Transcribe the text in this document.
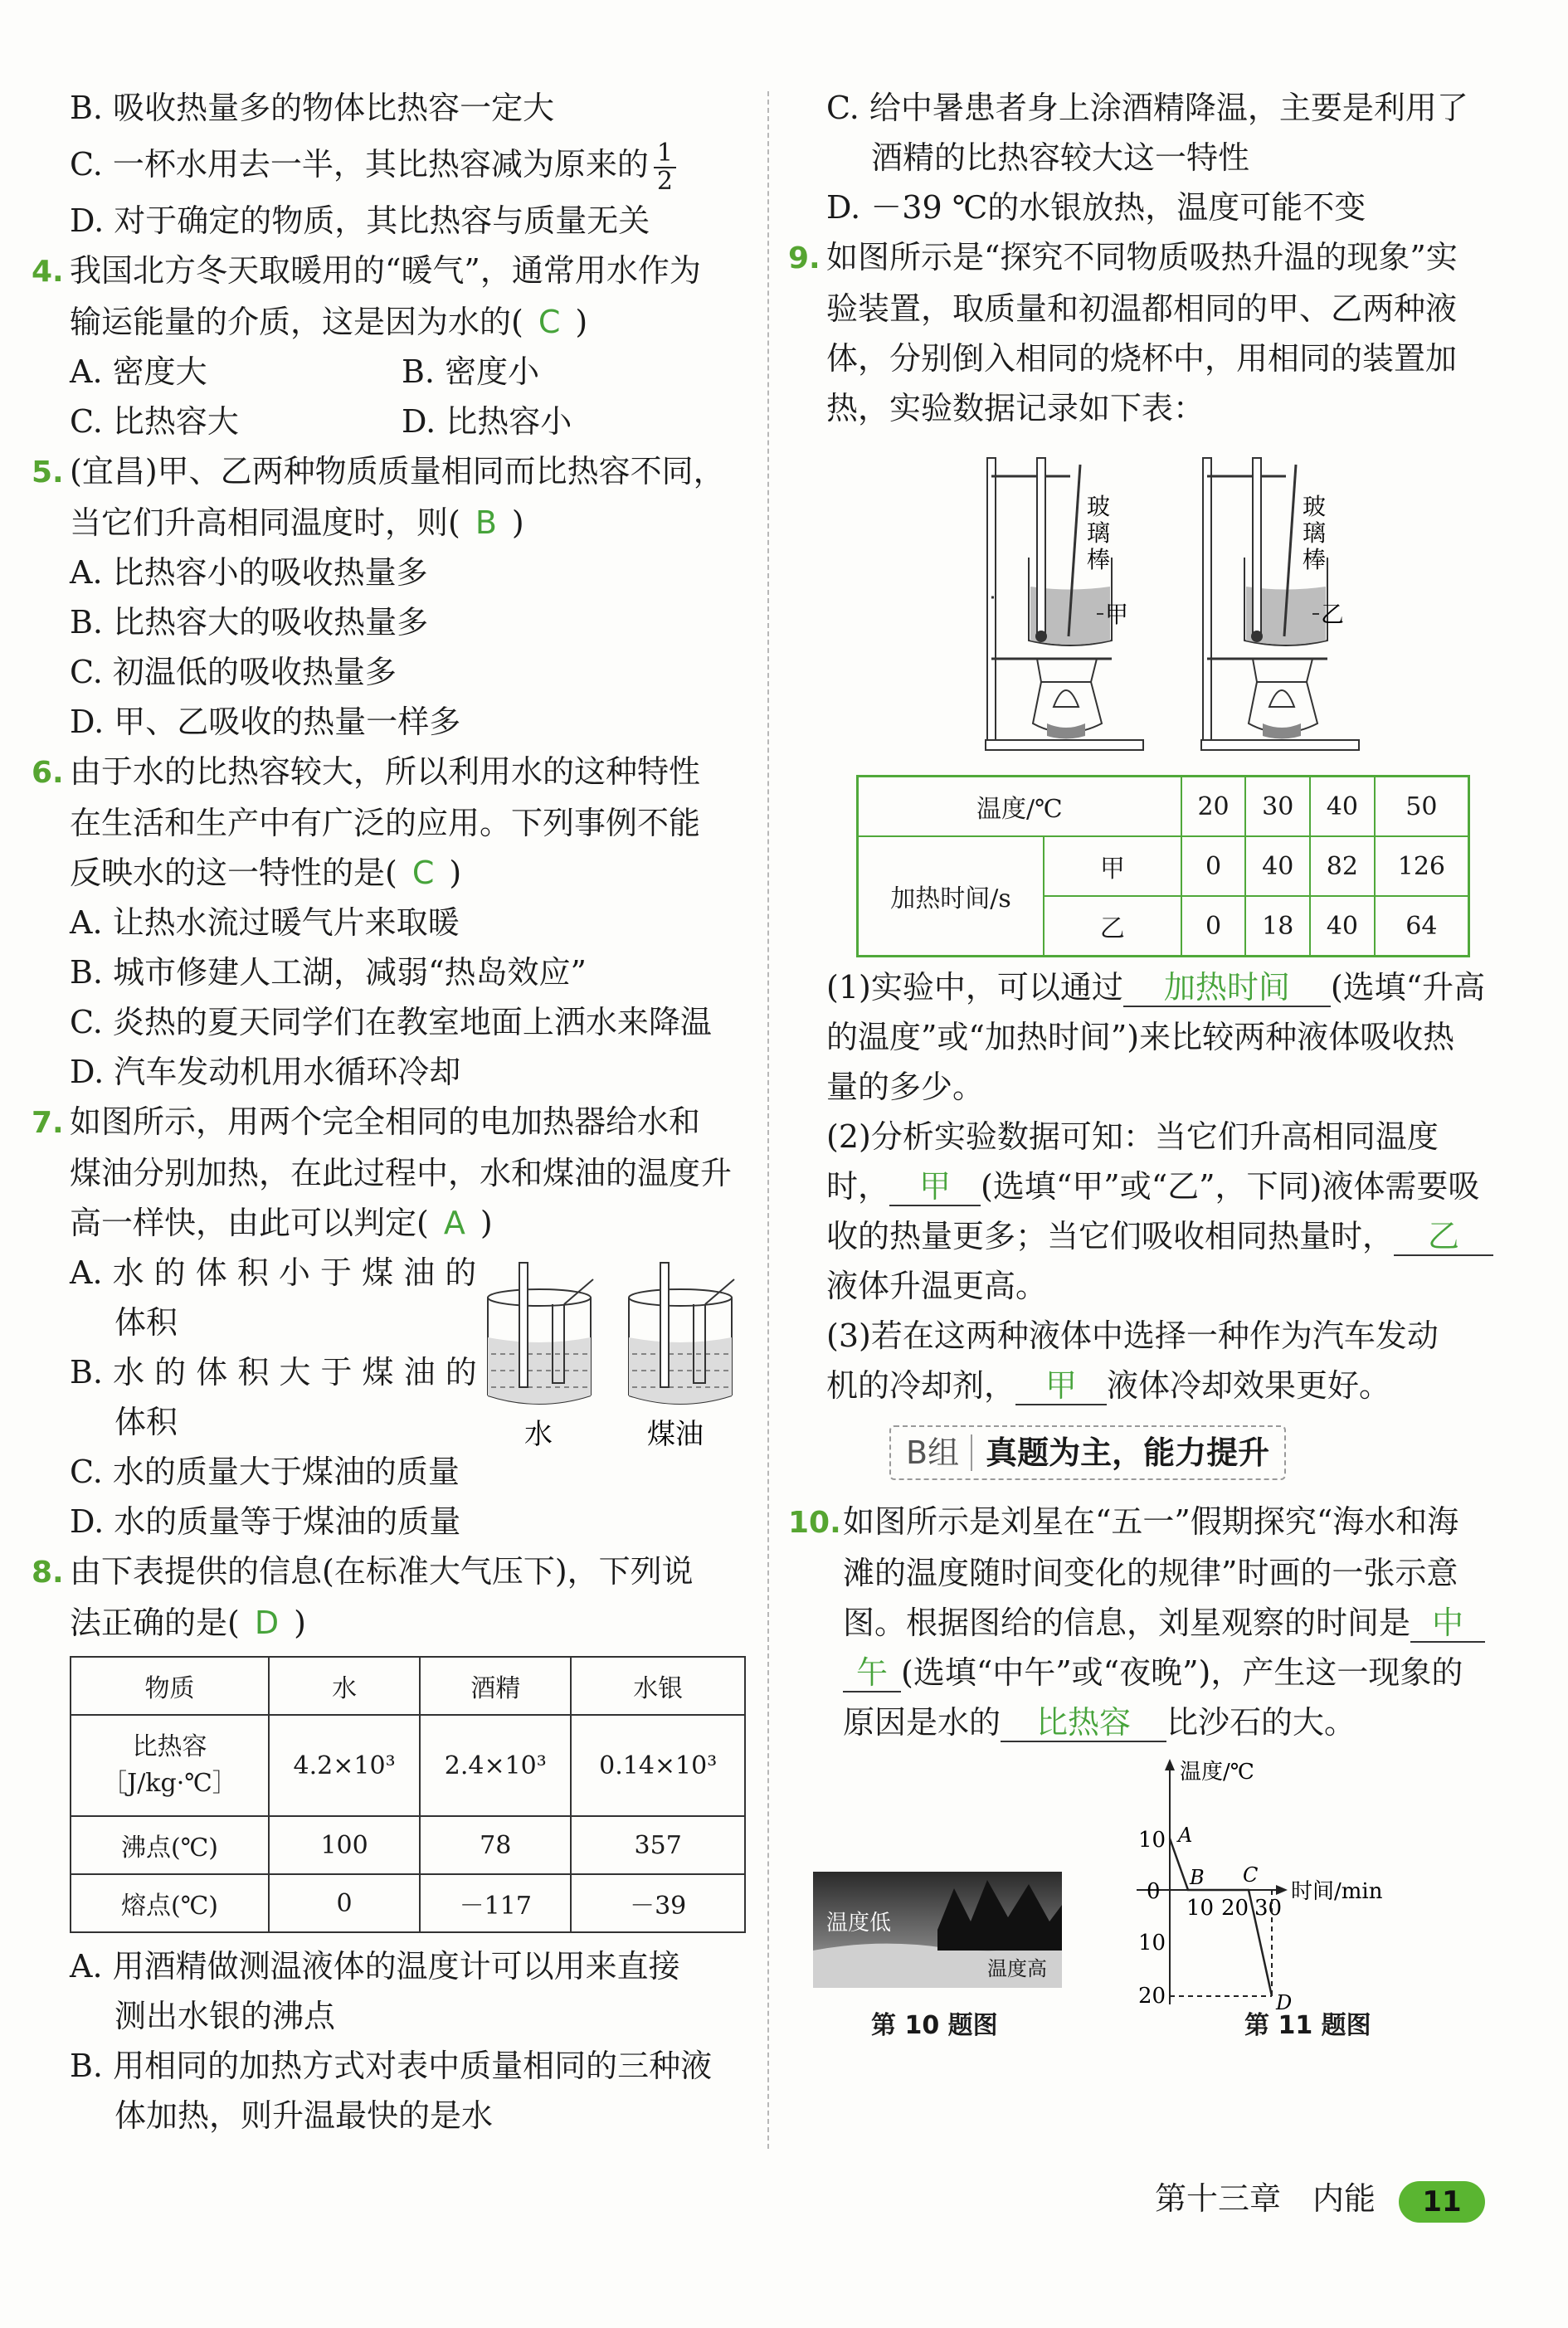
B. 吸收热量多的物体比热容一定大
C. 一杯水用去一半，其比热容减为原来的 $\frac{1}{2}$
D. 对于确定的物质，其比热容与质量无关
4. 我国北方冬天取暖用的“暖气”，通常用水作为
输运能量的介质，这是因为水的( C )
A. 密度大	B. 密度小
C. 比热容大	D. 比热容小
5. (宜昌)甲、乙两种物质质量相同而比热容不同，
当它们升高相同温度时，则( B )
A. 比热容小的吸收热量多
B. 比热容大的吸收热量多
C. 初温低的吸收热量多
D. 甲、乙吸收的热量一样多
6. 由于水的比热容较大，所以利用水的这种特性
在生活和生产中有广泛的应用。下列事例不能
反映水的这一特性的是( C )
A. 让热水流过暖气片来取暖
B. 城市修建人工湖，减弱“热岛效应”
C. 炎热的夏天同学们在教室地面上洒水来降温
D. 汽车发动机用水循环冷却
7. 如图所示，用两个完全相同的电加热器给水和
煤油分别加热，在此过程中，水和煤油的温度升
高一样快，由此可以判定( A )
A. 水 的 体 积 小 于 煤 油 的
体积
B. 水 的 体 积 大 于 煤 油 的
体积	水	煤油
C. 水的质量大于煤油的质量
D. 水的质量等于煤油的质量
8. 由下表提供的信息(在标准大气压下)，下列说
法正确的是( D )
物质	水	酒精	水银
比热容
［J/kg·℃］	4.2×10³	2.4×10³	0.14×10³
沸点(℃)	100	78	357
熔点(℃)	0	－117	－39
A. 用酒精做测温液体的温度计可以用来直接
测出水银的沸点
B. 用相同的加热方式对表中质量相同的三种液
体加热，则升温最快的是水
C. 给中暑患者身上涂酒精降温，主要是利用了
酒精的比热容较大这一特性
D. －39 ℃的水银放热，温度可能不变
9. 如图所示是“探究不同物质吸热升温的现象”实
验装置，取质量和初温都相同的甲、乙两种液
体，分别倒入相同的烧杯中，用相同的装置加
热，实验数据记录如下表：
玻
璃
棒
甲
玻
璃
棒
乙
温度/℃		20	30	40	50
加热时间/s	甲	0	40	82	126
	乙	0	18	40	64
(1)实验中，可以通过 加热时间 (选填“升高
的温度”或“加热时间”)来比较两种液体吸收热
量的多少。
(2)分析实验数据可知：当它们升高相同温度
时， 甲 (选填“甲”或“乙”，下同)液体需要吸
收的热量更多；当它们吸收相同热量时， 乙
液体升温更高。
(3)若在这两种液体中选择一种作为汽车发动
机的冷却剂， 甲 液体冷却效果更好。
B组 真题为主，能力提升
10.如图所示是刘星在“五一”假期探究“海水和海
滩的温度随时间变化的规律”时画的一张示意
图。根据图给的信息，刘星观察的时间是 中
午 (选填“中午”或“夜晚”)，产生这一现象的
原因是水的 比热容 比沙石的大。
温度低
温度高
第 10 题图
温度/℃
时间/min
10
0
10
20
10 20 30
A
B C
D
第 11 题图
第十三章　内能 11
